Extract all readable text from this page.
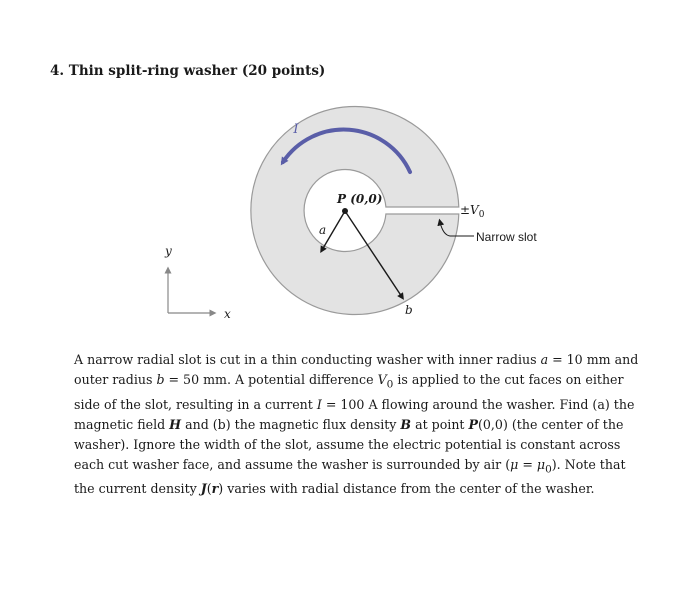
4. Thin split-ring washer (20 points)
I
P (0,0)
a
b
$\pm V_0$
Narrow slot
y
x
A narrow radial slot is cut in a thin conducting washer with inner radius a = 10 mm and outer radius b = 50 mm. A potential difference $V_0$ is applied to the cut faces on either side of the slot, resulting in a current I = 100 A flowing around the washer. Find (a) the magnetic field H and (b) the magnetic flux density B at point P(0,0) (the center of the washer). Ignore the width of the slot, assume the electric potential is constant across each cut washer face, and assume the washer is surrounded by air $(\mu = \mu_0)$. Note that the current density J(r) varies with radial distance from the center of the washer.
